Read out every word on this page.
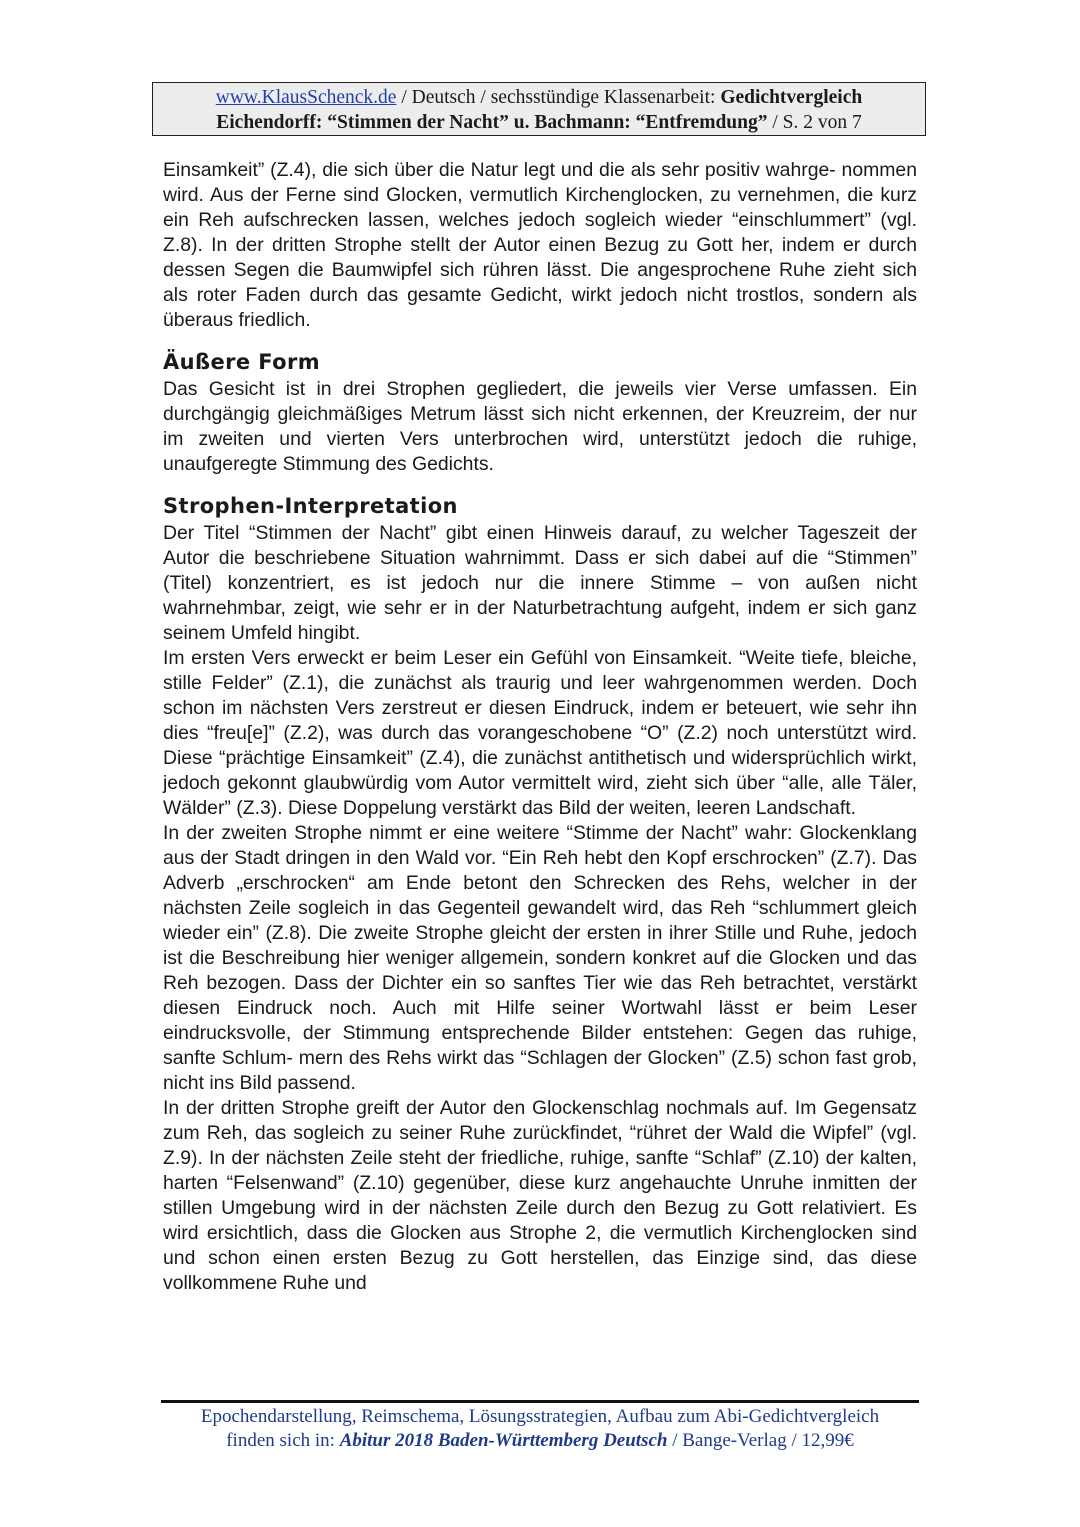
www.KlausSchenck.de / Deutsch / sechsstündige Klassenarbeit: Gedichtvergleich
Eichendorff: “Stimmen der Nacht” u. Bachmann: “Entfremdung” / S. 2 von 7

Einsamkeit” (Z.4), die sich über die Natur legt und die als sehr positiv wahrge- nommen wird. Aus der Ferne sind Glocken, vermutlich Kirchenglocken, zu vernehmen, die kurz ein Reh aufschrecken lassen, welches jedoch sogleich wieder “einschlummert” (vgl. Z.8). In der dritten Strophe stellt der Autor einen Bezug zu Gott her, indem er durch dessen Segen die Baumwipfel sich rühren lässt. Die angesprochene Ruhe zieht sich als roter Faden durch das gesamte Gedicht, wirkt jedoch nicht trostlos, sondern als überaus friedlich.

Äußere Form

Das Gesicht ist in drei Strophen gegliedert, die jeweils vier Verse umfassen. Ein durchgängig gleichmäßiges Metrum lässt sich nicht erkennen, der Kreuzreim, der nur im zweiten und vierten Vers unterbrochen wird, unterstützt jedoch die ruhige, unaufgeregte Stimmung des Gedichts.

Strophen-Interpretation

Der Titel “Stimmen der Nacht” gibt einen Hinweis darauf, zu welcher Tageszeit der Autor die beschriebene Situation wahrnimmt. Dass er sich dabei auf die “Stimmen” (Titel) konzentriert, es ist jedoch nur die innere Stimme – von außen nicht wahrnehmbar, zeigt, wie sehr er in der Naturbetrachtung aufgeht, indem er sich ganz seinem Umfeld hingibt.

Im ersten Vers erweckt er beim Leser ein Gefühl von Einsamkeit. “Weite tiefe, bleiche, stille Felder” (Z.1), die zunächst als traurig und leer wahrgenommen werden. Doch schon im nächsten Vers zerstreut er diesen Eindruck, indem er beteuert, wie sehr ihn dies “freu[e]” (Z.2), was durch das vorangeschobene “O” (Z.2) noch unterstützt wird. Diese “prächtige Einsamkeit” (Z.4), die zunächst antithetisch und widersprüchlich wirkt, jedoch gekonnt glaubwürdig vom Autor vermittelt wird, zieht sich über “alle, alle Täler, Wälder” (Z.3). Diese Doppelung verstärkt das Bild der weiten, leeren Landschaft.

In der zweiten Strophe nimmt er eine weitere “Stimme der Nacht” wahr: Glockenklang aus der Stadt dringen in den Wald vor. “Ein Reh hebt den Kopf erschrocken” (Z.7). Das Adverb „erschrocken“ am Ende betont den Schrecken des Rehs, welcher in der nächsten Zeile sogleich in das Gegenteil gewandelt wird, das Reh “schlummert gleich wieder ein” (Z.8). Die zweite Strophe gleicht der ersten in ihrer Stille und Ruhe, jedoch ist die Beschreibung hier weniger allgemein, sondern konkret auf die Glocken und das Reh bezogen. Dass der Dichter ein so sanftes Tier wie das Reh betrachtet, verstärkt diesen Eindruck noch. Auch mit Hilfe seiner Wortwahl lässt er beim Leser eindrucksvolle, der Stimmung entsprechende Bilder entstehen: Gegen das ruhige, sanfte Schlum- mern des Rehs wirkt das “Schlagen der Glocken” (Z.5) schon fast grob, nicht ins Bild passend.

In der dritten Strophe greift der Autor den Glockenschlag nochmals auf. Im Gegensatz zum Reh, das sogleich zu seiner Ruhe zurückfindet, “rühret der Wald die Wipfel” (vgl. Z.9). In der nächsten Zeile steht der friedliche, ruhige, sanfte “Schlaf” (Z.10) der kalten, harten “Felsenwand” (Z.10) gegenüber, diese kurz angehauchte Unruhe inmitten der stillen Umgebung wird in der nächsten Zeile durch den Bezug zu Gott relativiert. Es wird ersichtlich, dass die Glocken aus Strophe 2, die vermutlich Kirchenglocken sind und schon einen ersten Bezug zu Gott herstellen, das Einzige sind, das diese vollkommene Ruhe und

Epochendarstellung, Reimschema, Lösungsstrategien, Aufbau zum Abi-Gedichtvergleich
finden sich in: Abitur 2018 Baden-Württemberg Deutsch / Bange-Verlag / 12,99€
